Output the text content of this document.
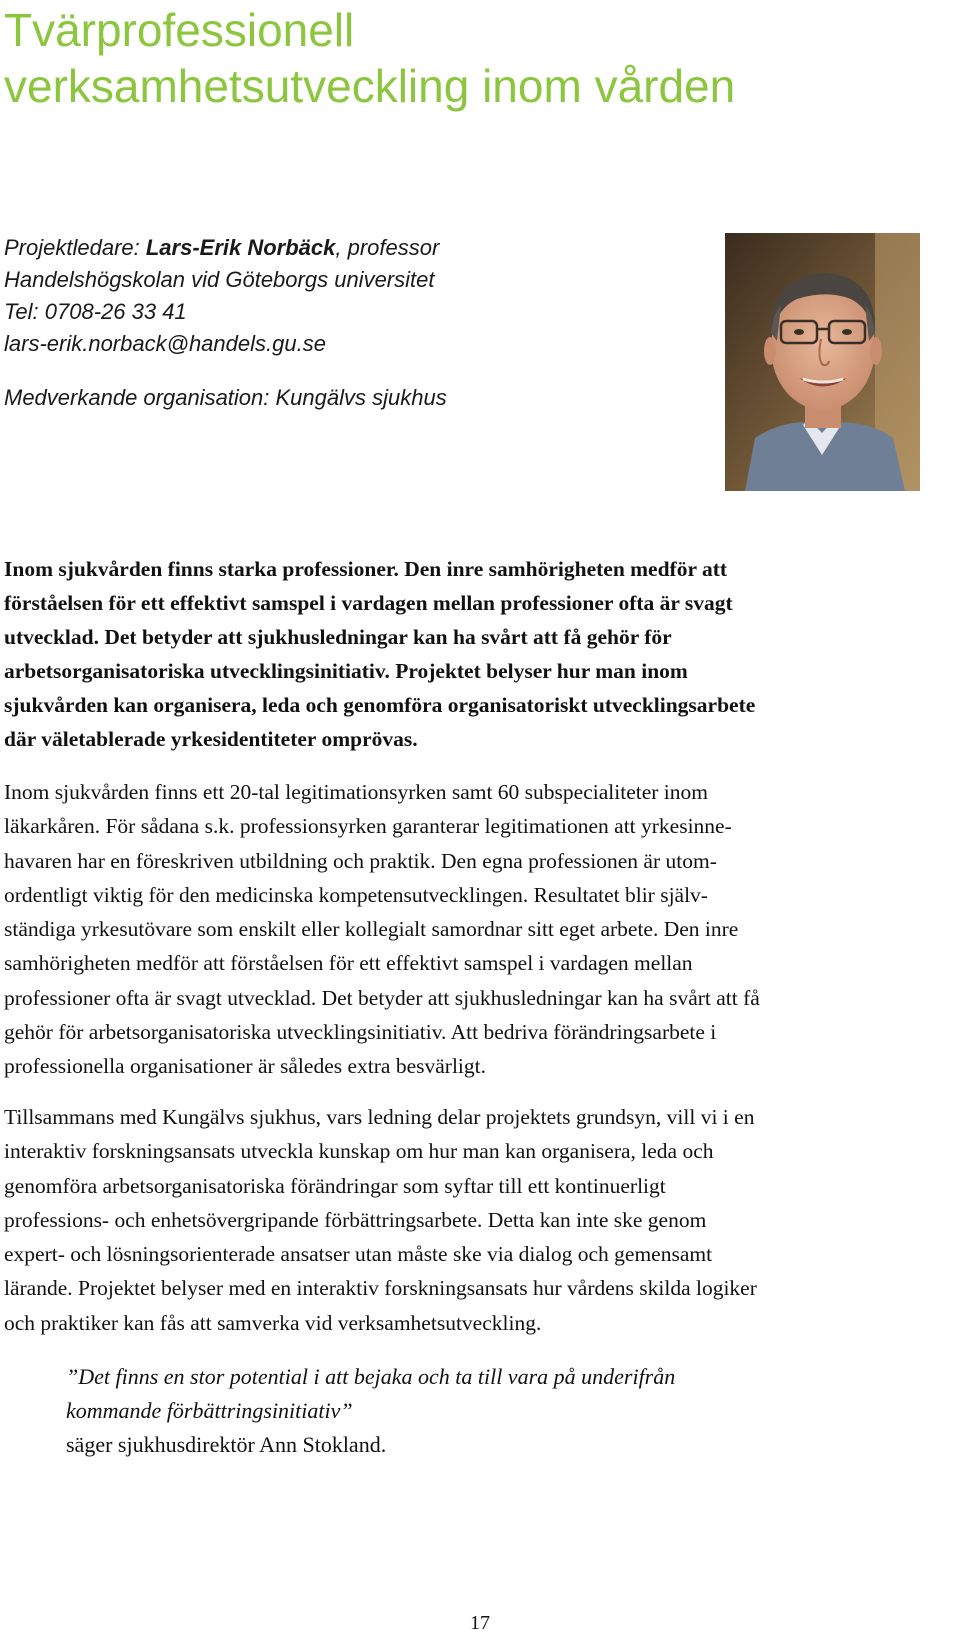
Tvärprofessionell
verksamhetsutveckling inom vården
Projektledare: Lars-Erik Norbäck, professor
Handelshögskolan vid Göteborgs universitet
Tel: 0708-26 33 41
lars-erik.norback@handels.gu.se
Medverkande organisation: Kungälvs sjukhus
Inom sjukvården finns starka professioner. Den inre samhörigheten medför att
förståelsen för ett effektivt samspel i vardagen mellan professioner ofta är svagt
utvecklad. Det betyder att sjukhusledningar kan ha svårt att få gehör för
arbetsorganisatoriska utvecklingsinitiativ. Projektet belyser hur man inom
sjukvården kan organisera, leda och genomföra organisatoriskt utvecklingsarbete
där väletablerade yrkesidentiteter omprövas.
Inom sjukvården finns ett 20-tal legitimationsyrken samt 60 subspecialiteter inom
läkarkåren. För sådana s.k. professionsyrken garanterar legitimationen att yrkesinne-
havaren har en föreskriven utbildning och praktik. Den egna professionen är utom-
ordentligt viktig för den medicinska kompetensutvecklingen. Resultatet blir själv-
ständiga yrkesutövare som enskilt eller kollegialt samordnar sitt eget arbete. Den inre
samhörigheten medför att förståelsen för ett effektivt samspel i vardagen mellan
professioner ofta är svagt utvecklad. Det betyder att sjukhusledningar kan ha svårt att få
gehör för arbetsorganisatoriska utvecklingsinitiativ. Att bedriva förändringsarbete i
professionella organisationer är således extra besvärligt.
Tillsammans med Kungälvs sjukhus, vars ledning delar projektets grundsyn, vill vi i en
interaktiv forskningsansats utveckla kunskap om hur man kan organisera, leda och
genomföra arbetsorganisatoriska förändringar som syftar till ett kontinuerligt
professions- och enhetsövergripande förbättringsarbete. Detta kan inte ske genom
expert- och lösningsorienterade ansatser utan måste ske via dialog och gemensamt
lärande. Projektet belyser med en interaktiv forskningsansats hur vårdens skilda logiker
och praktiker kan fås att samverka vid verksamhetsutveckling.
”Det finns en stor potential i att bejaka och ta till vara på underifrån
kommande förbättringsinitiativ”
säger sjukhusdirektör Ann Stokland.
17
